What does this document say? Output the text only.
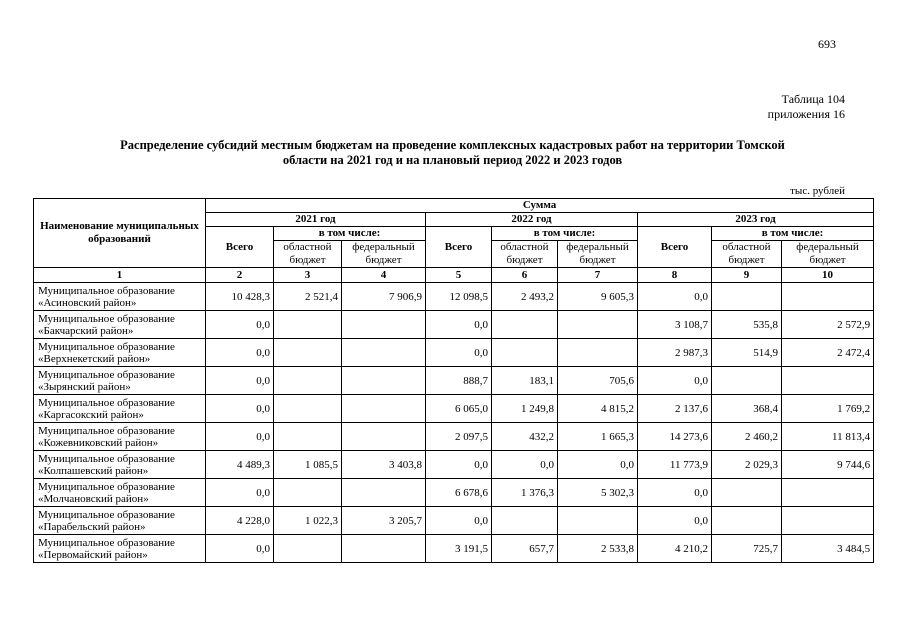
693
Таблица 104
приложения 16
Распределение субсидий местным бюджетам на проведение комплексных кадастровых работ на территории Томской
области на 2021 год и на плановый период 2022 и 2023 годов
тыс. рублей
Наименование муниципальных образований	Сумма								
	2021 год			2022 год			2023 год		
	Всего	в том числе:		Всего	в том числе:		Всего	в том числе:	
		областной бюджет	федеральный бюджет		областной бюджет	федеральный бюджет		областной бюджет	федеральный бюджет
1	2	3	4	5	6	7	8	9	10

Муниципальное образование
«Асиновский район»	10 428,3	2 521,4	7 906,9	12 098,5	2 493,2	9 605,3	0,0		

Муниципальное образование
«Бакчарский район»	0,0			0,0			3 108,7	535,8	2 572,9

Муниципальное образование
«Верхнекетский район»	0,0			0,0			2 987,3	514,9	2 472,4

Муниципальное образование
«Зырянский район»	0,0			888,7	183,1	705,6	0,0		

Муниципальное образование
«Каргасокский район»	0,0			6 065,0	1 249,8	4 815,2	2 137,6	368,4	1 769,2

Муниципальное образование
«Кожевниковский район»	0,0			2 097,5	432,2	1 665,3	14 273,6	2 460,2	11 813,4

Муниципальное образование
«Колпашевский район»	4 489,3	1 085,5	3 403,8	0,0	0,0	0,0	11 773,9	2 029,3	9 744,6

Муниципальное образование
«Молчановский район»	0,0			6 678,6	1 376,3	5 302,3	0,0		

Муниципальное образование
«Парабельский район»	4 228,0	1 022,3	3 205,7	0,0			0,0		

Муниципальное образование
«Первомайский район»	0,0			3 191,5	657,7	2 533,8	4 210,2	725,7	3 484,5
